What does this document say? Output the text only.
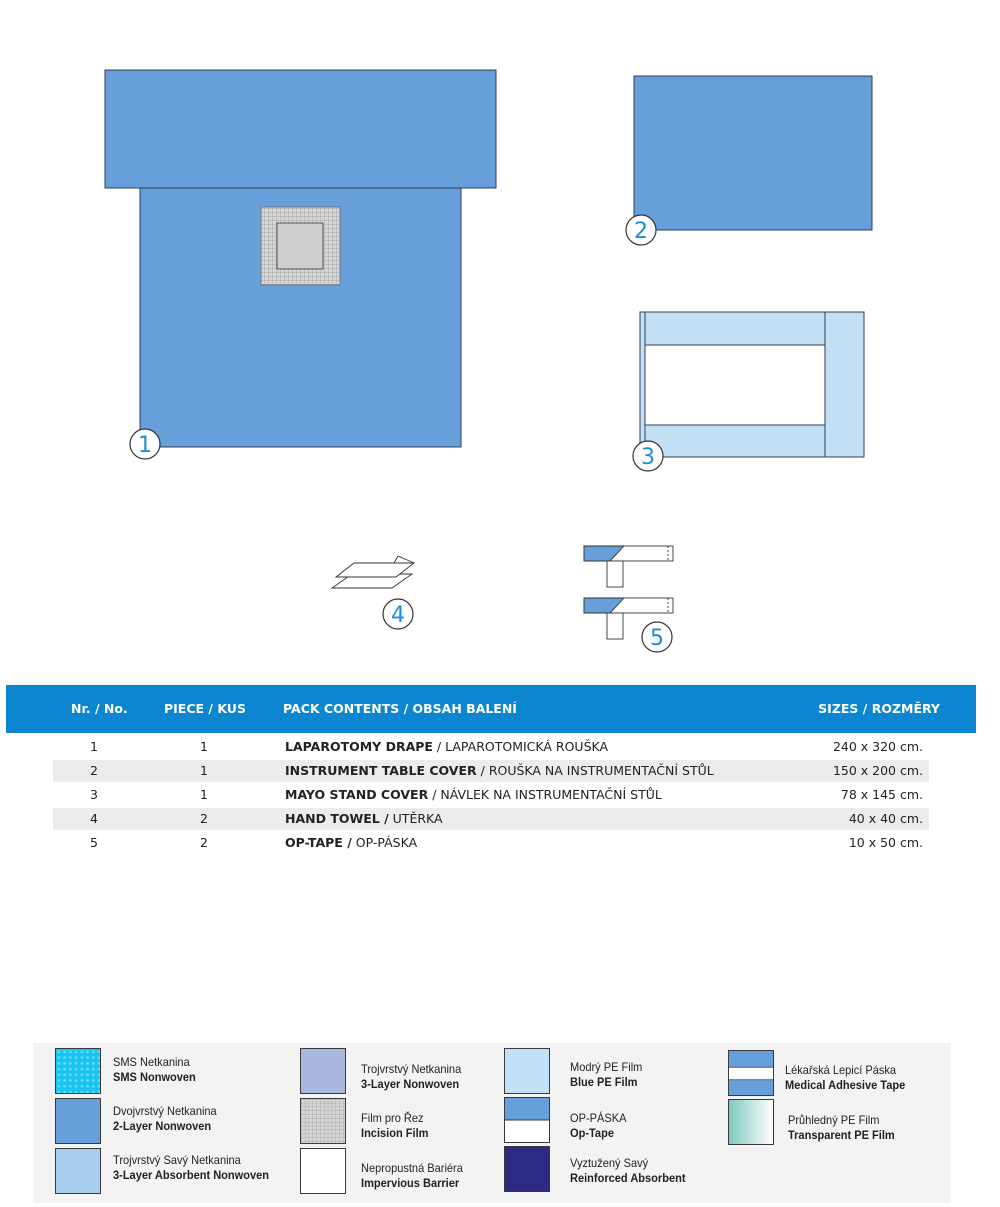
1
2
3
4
5
Nr. / No.	PIECE / KUS	PACK CONTENTS / OBSAH BALENÍ	SIZES / ROZMĚRY
1	1	LAPAROTOMY DRAPE / LAPAROTOMICKÁ ROUŠKA	240 x 320 cm.
2	1	INSTRUMENT TABLE COVER / ROUŠKA NA INSTRUMENTAČNÍ STŮL	150 x 200 cm.
3	1	MAYO STAND COVER / NÁVLEK NA INSTRUMENTAČNÍ STŮL	78 x 145 cm.
4	2	HAND TOWEL / UTĚRKA	40 x 40 cm.
5	2	OP-TAPE / OP-PÁSKA	10 x 50 cm.
SMS Netkanina
SMS Nonwoven
Dvojvrstvý Netkanina
2-Layer Nonwoven
Trojvrstvý Savý Netkanina
3-Layer Absorbent Nonwoven
Trojvrstvý Netkanina
3-Layer Nonwoven
Film pro Řez
Incision Film
Nepropustná Bariéra
Impervious Barrier
Modrý PE Film
Blue PE Film
OP-PÁSKA
Op-Tape
Vyztužený Savý
Reinforced Absorbent
Lékařská Lepicí Páska
Medical Adhesive Tape
Průhledný PE Film
Transparent PE Film
